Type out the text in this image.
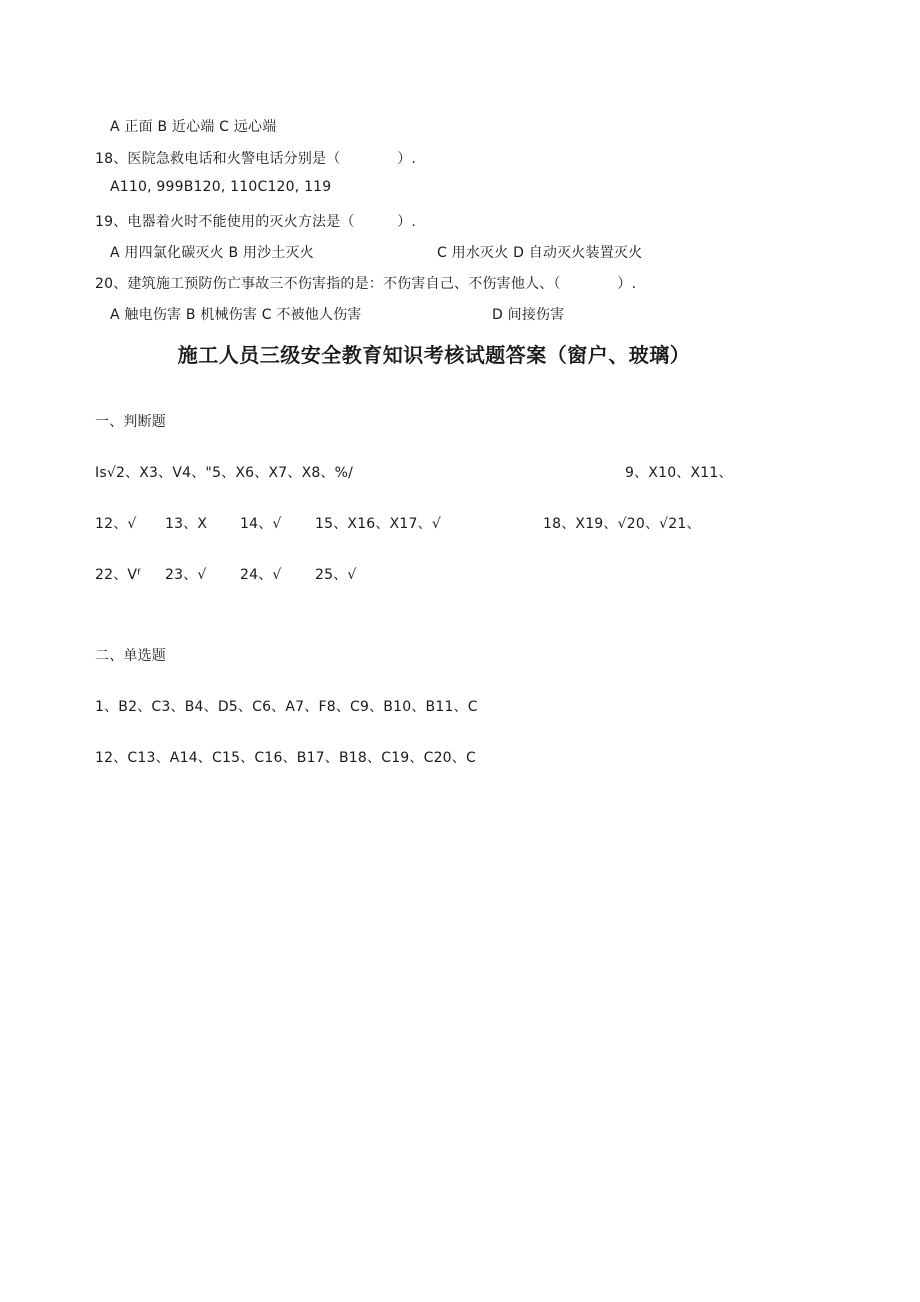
A 正面 B 近心端 C 远心端
18、医院急救电话和火警电话分别是（　　　　）.
A110, 999B120, 110C120, 119
19、电器着火时不能使用的灭火方法是（　　　）.
A 用四氯化碳灭火 B 用沙土灭火	C 用水灭火 D 自动灭火装置灭火
20、建筑施工预防伤亡事故三不伤害指的是：不伤害自己、不伤害他人、（　　　　）.
A 触电伤害 B 机械伤害 C 不被他人伤害	D 间接伤害
施工人员三级安全教育知识考核试题答案（窗户、玻璃）
一、判断题
Is√2、X3、V4、"5、X6、X7、X8、%/	9、X10、X11、
12、√ 13、X 14、√ 15、X16、X17、√	18、X19、√20、√21、
22、Vᶠ 23、√ 24、√ 25、√
二、单选题
1、B2、C3、B4、D5、C6、A7、F8、C9、B10、B11、C
12、C13、A14、C15、C16、B17、B18、C19、C20、C
